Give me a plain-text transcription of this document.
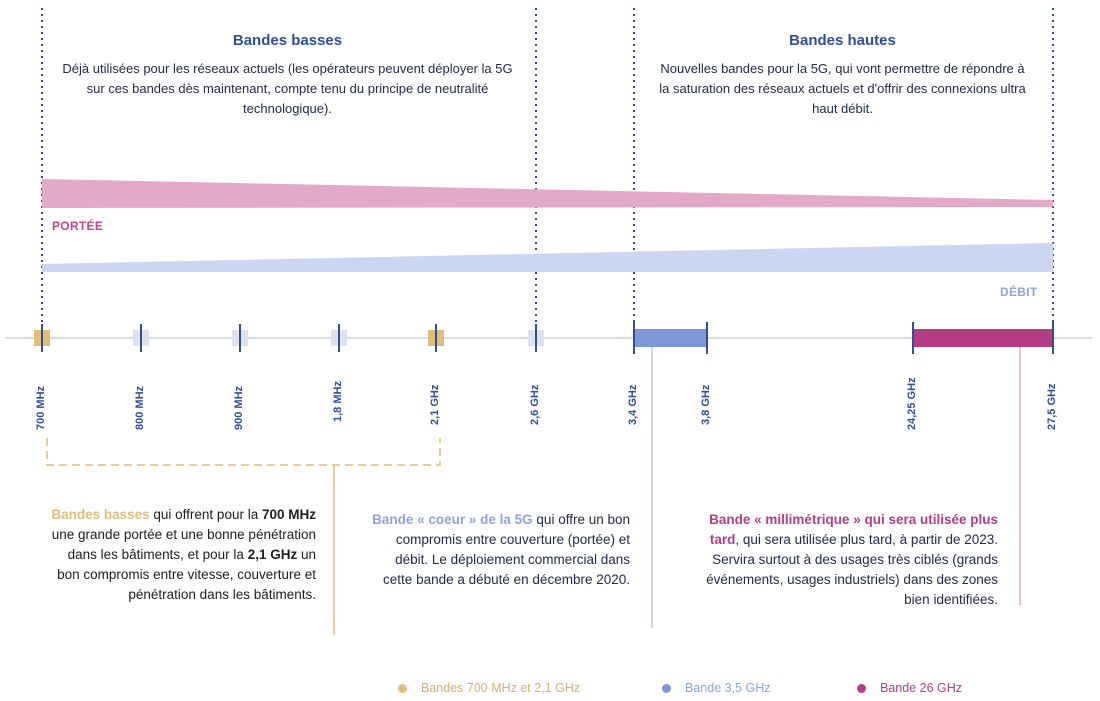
Bandes basses
Déjà utilisées pour les réseaux actuels (les opérateurs peuvent déployer la 5G sur ces bandes dès maintenant, compte tenu du principe de neutralité technologique).
Bandes hautes
Nouvelles bandes pour la 5G, qui vont permettre de répondre à la saturation des réseaux actuels et d'offrir des connexions ultra haut débit.
PORTÉE
DÉBIT
700 MHz	800 MHz	900 MHz	1,8 MHz	2,1 GHz	2,6 GHz	3,4 GHz	3,8 GHz	24,25 GHz	27,5 GHz
Bandes basses qui offrent pour la 700 MHz une grande portée et une bonne pénétration dans les bâtiments, et pour la 2,1 GHz un bon compromis entre vitesse, couverture et pénétration dans les bâtiments.
Bande « coeur » de la 5G qui offre un bon compromis entre couverture (portée) et débit. Le déploiement commercial dans cette bande a débuté en décembre 2020.
Bande « millimétrique » qui sera utilisée plus tard, qui sera utilisée plus tard, à partir de 2023. Servira surtout à des usages très ciblés (grands événements, usages industriels) dans des zones bien identifiées.
Bandes 700 MHz et 2,1 GHz	Bande 3,5 GHz	Bande 26 GHz
